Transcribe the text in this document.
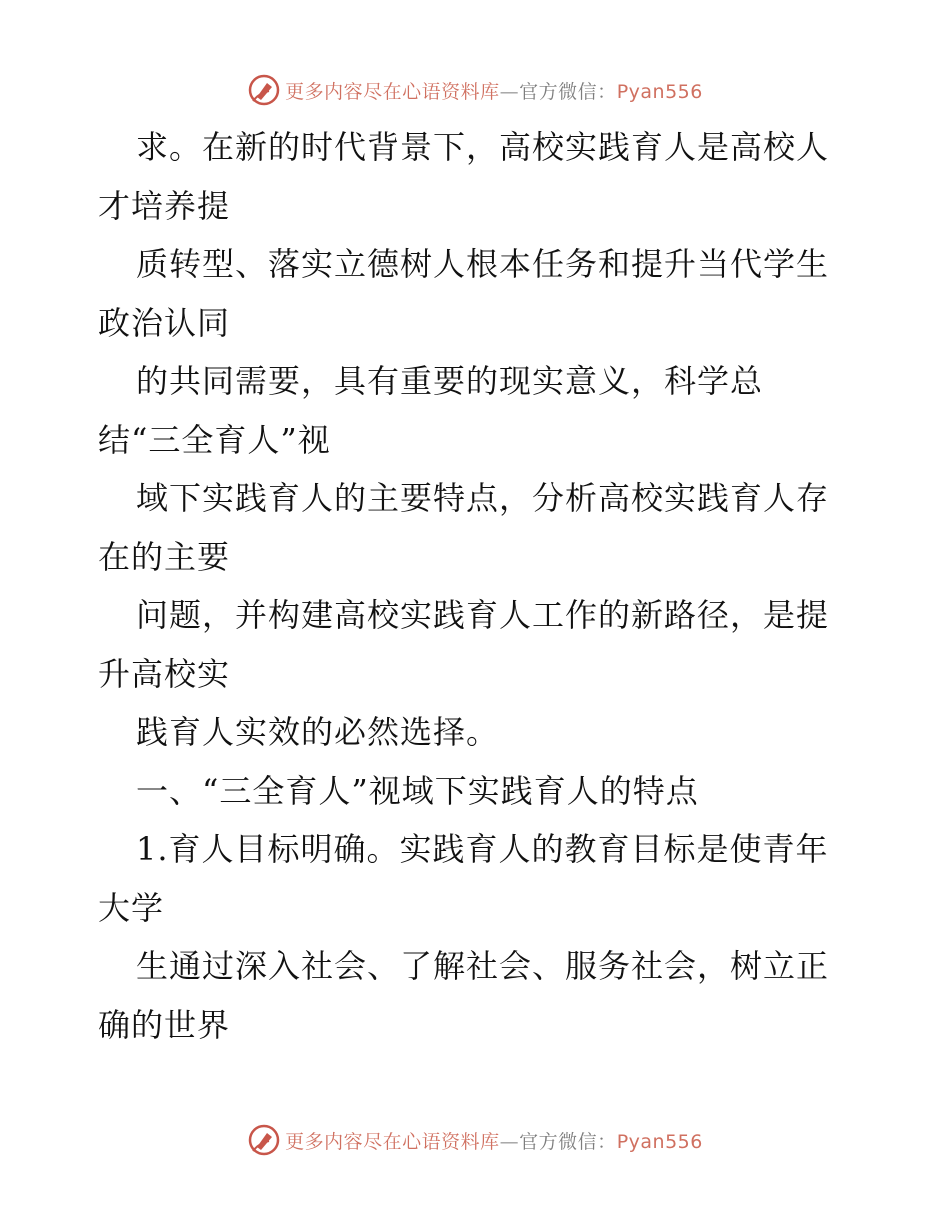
更多内容尽在心语资料库—官方微信：Pyan556
求。在新的时代背景下，高校实践育人是高校人
才培养提
质转型、落实立德树人根本任务和提升当代学生
政治认同
的共同需要，具有重要的现实意义，科学总
结“三全育人”视
域下实践育人的主要特点，分析高校实践育人存
在的主要
问题，并构建高校实践育人工作的新路径，是提
升高校实
践育人实效的必然选择。
一、“三全育人”视域下实践育人的特点
1.育人目标明确。实践育人的教育目标是使青年
大学
生通过深入社会、了解社会、服务社会，树立正
确的世界
更多内容尽在心语资料库—官方微信：Pyan556
